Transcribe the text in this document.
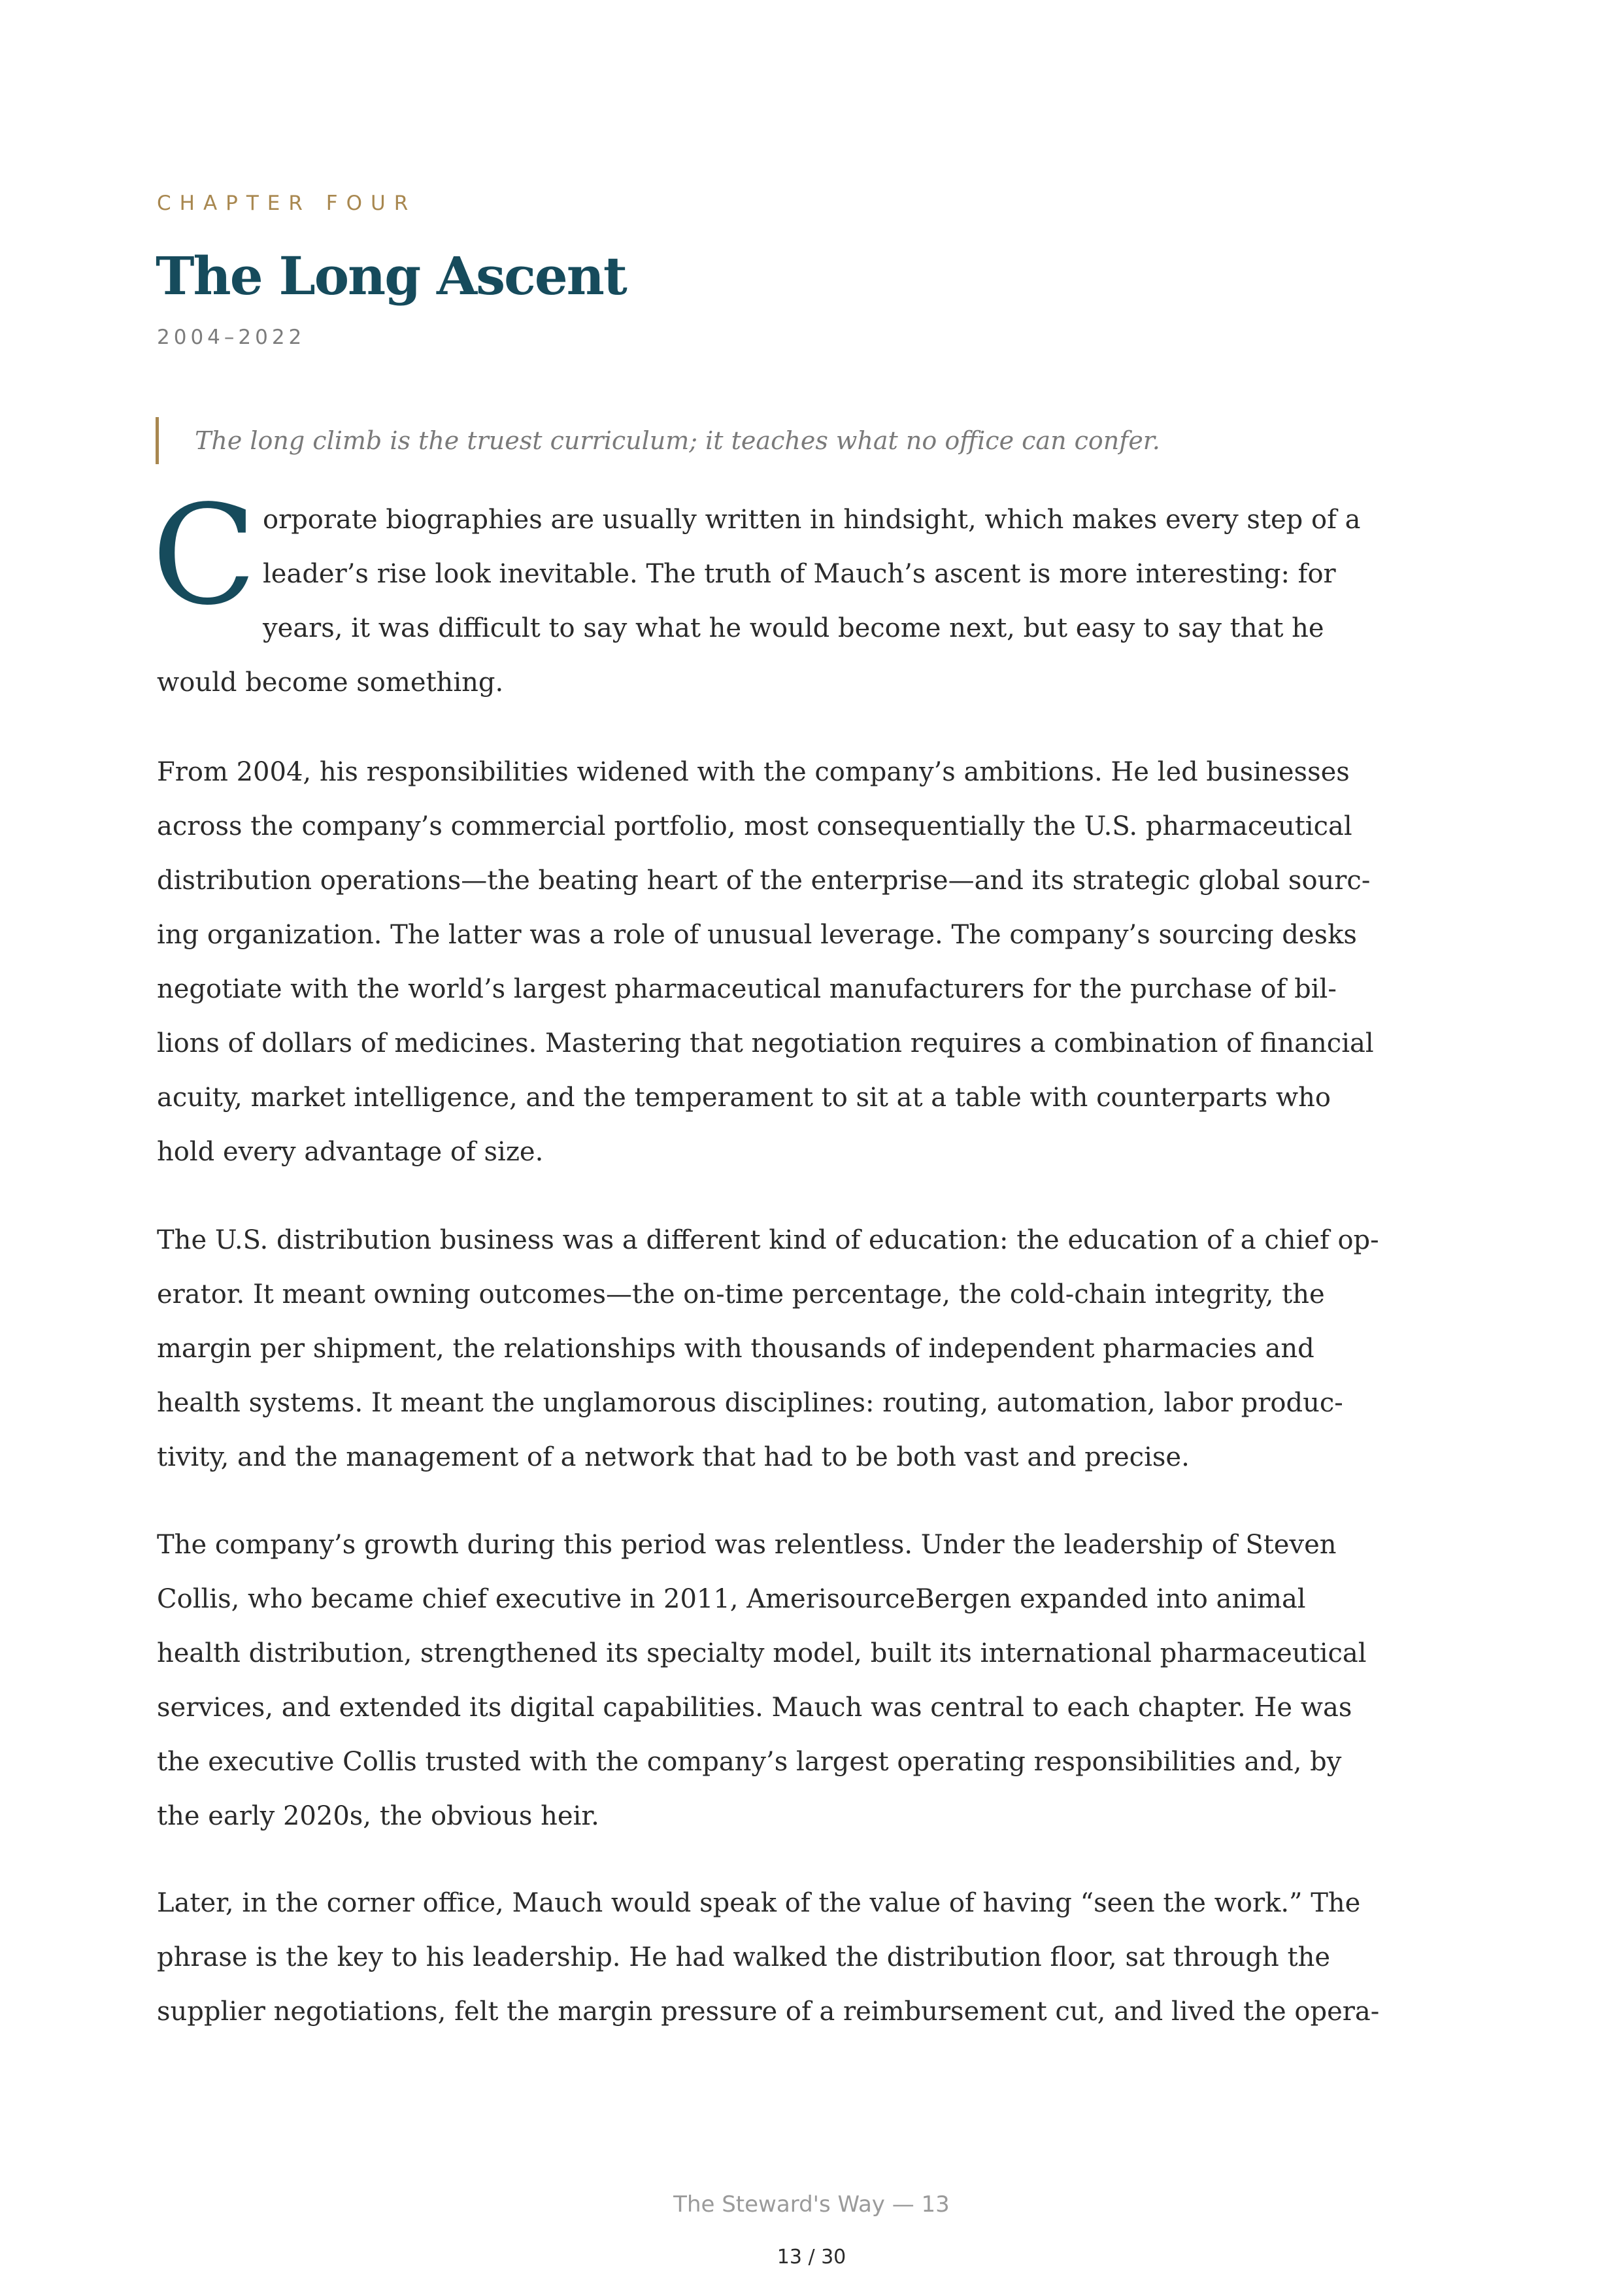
CHAPTER FOUR
The Long Ascent
2004–2022
The long climb is the truest curriculum; it teaches what no office can confer.
C orporate biographies are usually written in hindsight, which makes every step of a
leader’s rise look inevitable. The truth of Mauch’s ascent is more interesting: for
years, it was difficult to say what he would become next, but easy to say that he
would become something.
From 2004, his responsibilities widened with the company’s ambitions. He led businesses
across the company’s commercial portfolio, most consequentially the U.S. pharmaceutical
distribution operations—the beating heart of the enterprise—and its strategic global sourc-
ing organization. The latter was a role of unusual leverage. The company’s sourcing desks
negotiate with the world’s largest pharmaceutical manufacturers for the purchase of bil-
lions of dollars of medicines. Mastering that negotiation requires a combination of financial
acuity, market intelligence, and the temperament to sit at a table with counterparts who
hold every advantage of size.
The U.S. distribution business was a different kind of education: the education of a chief op-
erator. It meant owning outcomes—the on-time percentage, the cold-chain integrity, the
margin per shipment, the relationships with thousands of independent pharmacies and
health systems. It meant the unglamorous disciplines: routing, automation, labor produc-
tivity, and the management of a network that had to be both vast and precise.
The company’s growth during this period was relentless. Under the leadership of Steven
Collis, who became chief executive in 2011, AmerisourceBergen expanded into animal
health distribution, strengthened its specialty model, built its international pharmaceutical
services, and extended its digital capabilities. Mauch was central to each chapter. He was
the executive Collis trusted with the company’s largest operating responsibilities and, by
the early 2020s, the obvious heir.
Later, in the corner office, Mauch would speak of the value of having “seen the work.” The
phrase is the key to his leadership. He had walked the distribution floor, sat through the
supplier negotiations, felt the margin pressure of a reimbursement cut, and lived the opera-
The Steward's Way — 13
13 / 30
